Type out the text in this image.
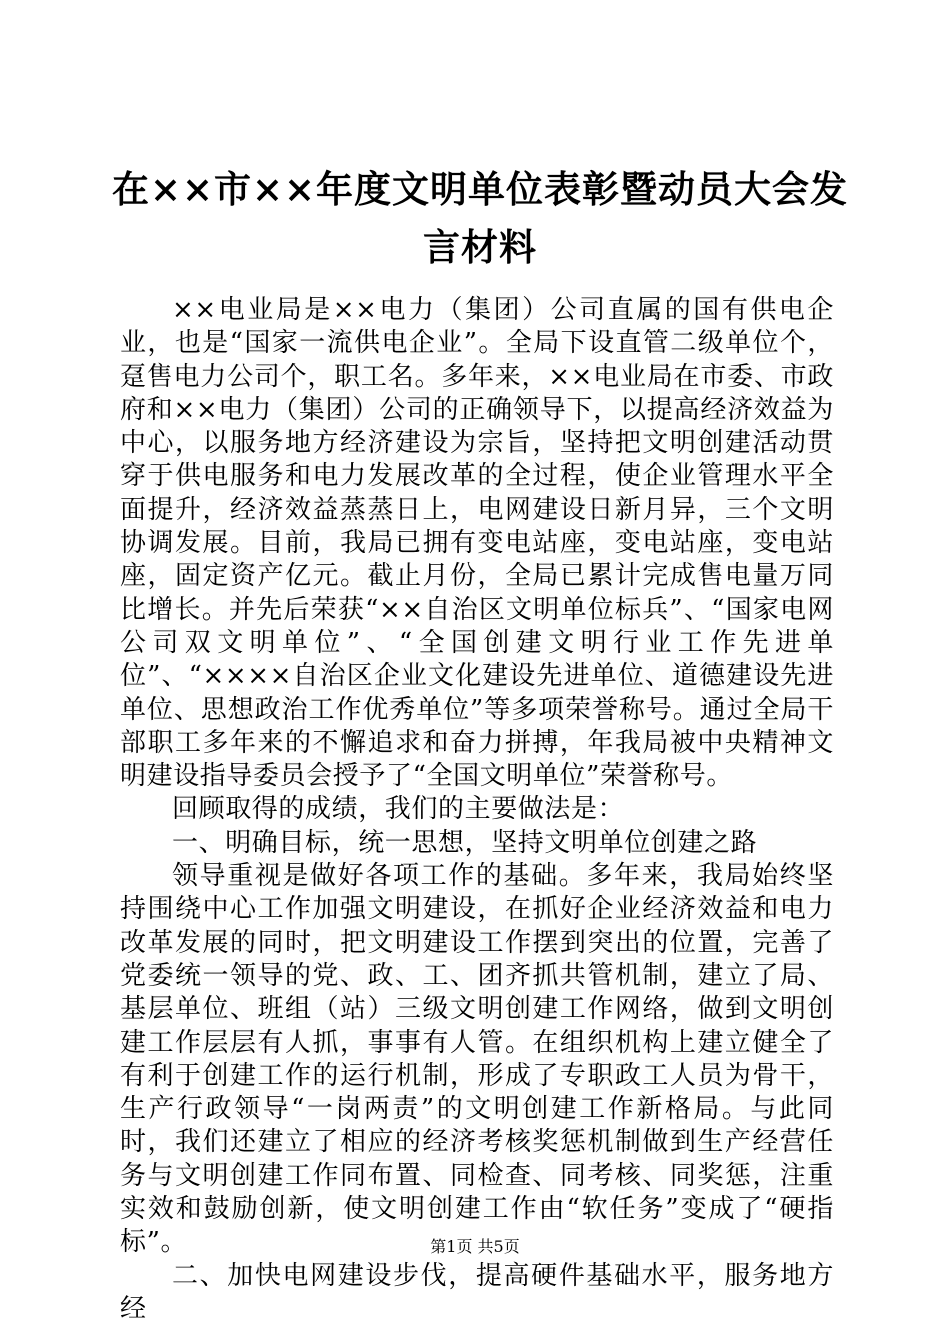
在××市××年度文明单位表彰暨动员大会发言材料

××电业局是××电力（集团）公司直属的国有供电企业，也是“国家一流供电企业”。全局下设直管二级单位个，趸售电力公司个，职工名。多年来，××电业局在市委、市政府和××电力（集团）公司的正确领导下，以提高经济效益为中心，以服务地方经济建设为宗旨，坚持把文明创建活动贯穿于供电服务和电力发展改革的全过程，使企业管理水平全面提升，经济效益蒸蒸日上，电网建设日新月异，三个文明协调发展。目前，我局已拥有变电站座，变电站座，变电站座，固定资产亿元。截止月份，全局已累计完成售电量万同比增长。并先后荣获“××自治区文明单位标兵”、“国家电网公司双文明单位”、“全国创建文明行业工作先进单位”、“××××自治区企业文化建设先进单位、道德建设先进单位、思想政治工作优秀单位”等多项荣誉称号。通过全局干部职工多年来的不懈追求和奋力拼搏，年我局被中央精神文明建设指导委员会授予了“全国文明单位”荣誉称号。

回顾取得的成绩，我们的主要做法是：

一、明确目标，统一思想，坚持文明单位创建之路

领导重视是做好各项工作的基础。多年来，我局始终坚持围绕中心工作加强文明建设，在抓好企业经济效益和电力改革发展的同时，把文明建设工作摆到突出的位置，完善了党委统一领导的党、政、工、团齐抓共管机制，建立了局、基层单位、班组（站）三级文明创建工作网络，做到文明创建工作层层有人抓，事事有人管。在组织机构上建立健全了有利于创建工作的运行机制，形成了专职政工人员为骨干，生产行政领导“一岗两责”的文明创建工作新格局。与此同时，我们还建立了相应的经济考核奖惩机制做到生产经营任务与文明创建工作同布置、同检查、同考核、同奖惩，注重实效和鼓励创新，使文明创建工作由“软任务”变成了“硬指标”。

二、加快电网建设步伐，提高硬件基础水平，服务地方经

第1页 共5页
